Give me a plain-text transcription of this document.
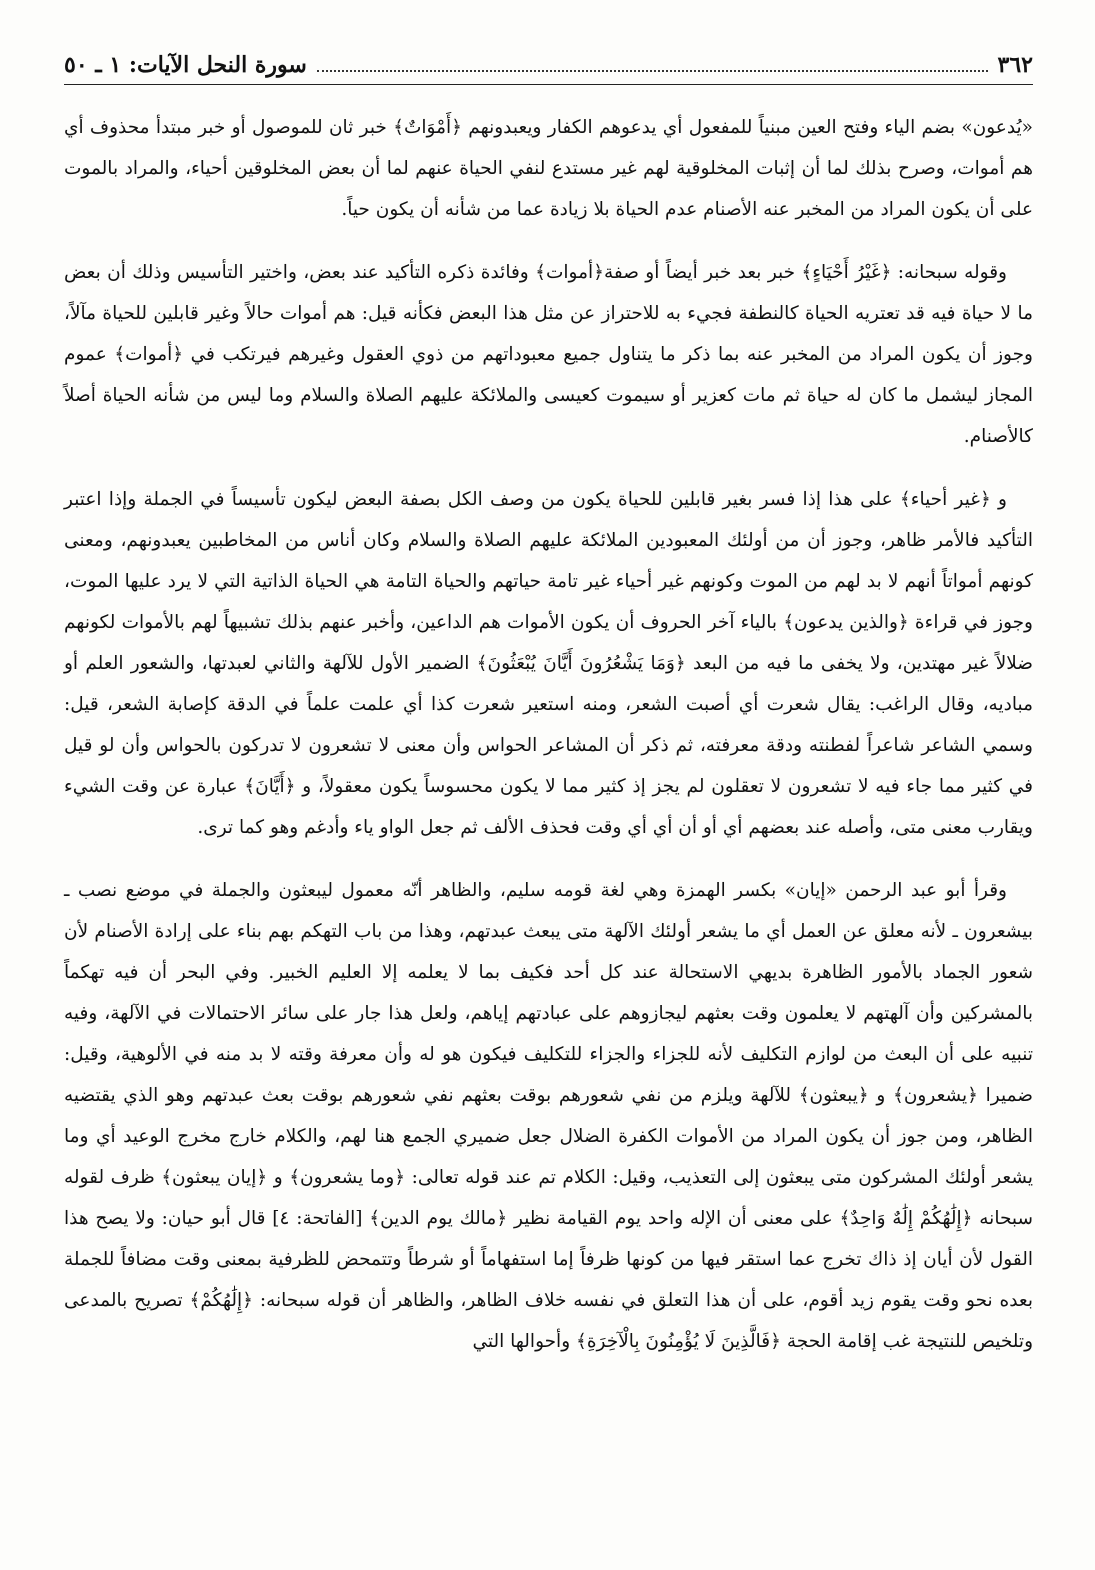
٣٦٢
سورة النحل الآيات: ١ ـ ٥٠

«يُدعون» بضم الياء وفتح العين مبنياً للمفعول أي يدعوهم الكفار ويعبدونهم ﴿أَمْوَاتٌ﴾ خبر ثان للموصول أو خبر مبتدأ محذوف أي هم أموات، وصرح بذلك لما أن إثبات المخلوقية لهم غير مستدع لنفي الحياة عنهم لما أن بعض المخلوقين أحياء، والمراد بالموت على أن يكون المراد من المخبر عنه الأصنام عدم الحياة بلا زيادة عما من شأنه أن يكون حياً.

وقوله سبحانه: ﴿غَيْرُ أَحْيَاءٍ﴾ خبر بعد خبر أيضاً أو صفة﴿أموات﴾ وفائدة ذكره التأكيد عند بعض، واختير التأسيس وذلك أن بعض ما لا حياة فيه قد تعتريه الحياة كالنطفة فجيء به للاحتراز عن مثل هذا البعض فكأنه قيل: هم أموات حالاً وغير قابلين للحياة مآلاً، وجوز أن يكون المراد من المخبر عنه بما ذكر ما يتناول جميع معبوداتهم من ذوي العقول وغيرهم فيرتكب في ﴿أموات﴾ عموم المجاز ليشمل ما كان له حياة ثم مات كعزير أو سيموت كعيسى والملائكة عليهم الصلاة والسلام وما ليس من شأنه الحياة أصلاً كالأصنام.

و ﴿غير أحياء﴾ على هذا إذا فسر بغير قابلين للحياة يكون من وصف الكل بصفة البعض ليكون تأسيساً في الجملة وإذا اعتبر التأكيد فالأمر ظاهر، وجوز أن من أولئك المعبودين الملائكة عليهم الصلاة والسلام وكان أناس من المخاطبين يعبدونهم، ومعنى كونهم أمواتاً أنهم لا بد لهم من الموت وكونهم غير أحياء غير تامة حياتهم والحياة التامة هي الحياة الذاتية التي لا يرد عليها الموت، وجوز في قراءة ﴿والذين يدعون﴾ بالياء آخر الحروف أن يكون الأموات هم الداعين، وأخبر عنهم بذلك تشبيهاً لهم بالأموات لكونهم ضلالاً غير مهتدين، ولا يخفى ما فيه من البعد ﴿وَمَا يَشْعُرُونَ أَيَّانَ يُبْعَثُونَ﴾ الضمير الأول للآلهة والثاني لعبدتها، والشعور العلم أو مباديه، وقال الراغب: يقال شعرت أي أصبت الشعر، ومنه استعير شعرت كذا أي علمت علماً في الدقة كإصابة الشعر، قيل: وسمي الشاعر شاعراً لفطنته ودقة معرفته، ثم ذكر أن المشاعر الحواس وأن معنى لا تشعرون لا تدركون بالحواس وأن لو قيل في كثير مما جاء فيه لا تشعرون لا تعقلون لم يجز إذ كثير مما لا يكون محسوساً يكون معقولاً، و ﴿أَيَّانَ﴾ عبارة عن وقت الشيء ويقارب معنى متى، وأصله عند بعضهم أي أو أن أي أي وقت فحذف الألف ثم جعل الواو ياء وأدغم وهو كما ترى.

وقرأ أبو عبد الرحمن «إيان» بكسر الهمزة وهي لغة قومه سليم، والظاهر أنّه معمول ليبعثون والجملة في موضع نصب ـ بيشعرون ـ لأنه معلق عن العمل أي ما يشعر أولئك الآلهة متى يبعث عبدتهم، وهذا من باب التهكم بهم بناء على إرادة الأصنام لأن شعور الجماد بالأمور الظاهرة بديهي الاستحالة عند كل أحد فكيف بما لا يعلمه إلا العليم الخبير. وفي البحر أن فيه تهكماً بالمشركين وأن آلهتهم لا يعلمون وقت بعثهم ليجازوهم على عبادتهم إياهم، ولعل هذا جار على سائر الاحتمالات في الآلهة، وفيه تنبيه على أن البعث من لوازم التكليف لأنه للجزاء والجزاء للتكليف فيكون هو له وأن معرفة وقته لا بد منه في الألوهية، وقيل: ضميرا ﴿يشعرون﴾ و ﴿يبعثون﴾ للآلهة ويلزم من نفي شعورهم بوقت بعثهم نفي شعورهم بوقت بعث عبدتهم وهو الذي يقتضيه الظاهر، ومن جوز أن يكون المراد من الأموات الكفرة الضلال جعل ضميري الجمع هنا لهم، والكلام خارج مخرج الوعيد أي وما يشعر أولئك المشركون متى يبعثون إلى التعذيب، وقيل: الكلام تم عند قوله تعالى: ﴿وما يشعرون﴾ و ﴿إيان يبعثون﴾ ظرف لقوله سبحانه ﴿إِلَٰهُكُمْ إِلَٰهٌ وَاحِدٌ﴾ على معنى أن الإله واحد يوم القيامة نظير ﴿مالك يوم الدين﴾ [الفاتحة: ٤] قال أبو حيان: ولا يصح هذا القول لأن أيان إذ ذاك تخرج عما استقر فيها من كونها ظرفاً إما استفهاماً أو شرطاً وتتمحض للظرفية بمعنى وقت مضافاً للجملة بعده نحو وقت يقوم زيد أقوم، على أن هذا التعلق في نفسه خلاف الظاهر، والظاهر أن قوله سبحانه: ﴿إِلَٰهُكُمْ﴾ تصريح بالمدعى وتلخيص للنتيجة غب إقامة الحجة ﴿فَالَّذِينَ لَا يُؤْمِنُونَ بِالْآخِرَةِ﴾ وأحوالها التي
